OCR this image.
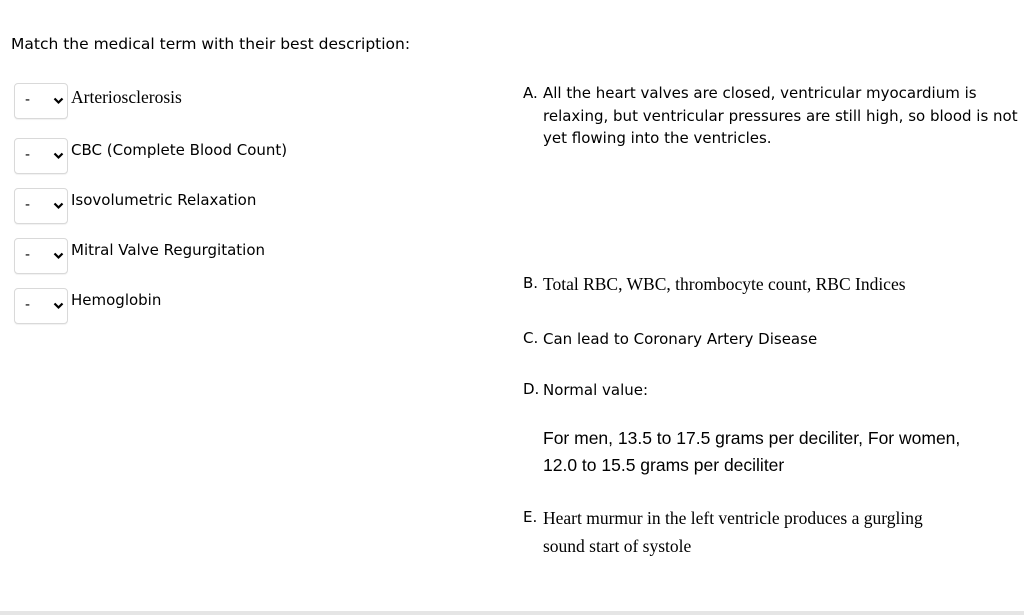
Match the medical term with their best description:
- Arteriosclerosis
-	CBC (Complete Blood Count)
-	Isovolumetric Relaxation
-	Mitral Valve Regurgitation
-	Hemoglobin
A. All the heart valves are closed, ventricular myocardium is
relaxing, but ventricular pressures are still high, so blood is not
yet flowing into the ventricles.
B. Total RBC, WBC, thrombocyte count, RBC Indices
C. Can lead to Coronary Artery Disease
D. Normal value:
For men, 13.5 to 17.5 grams per deciliter, For women,
12.0 to 15.5 grams per deciliter
E. Heart murmur in the left ventricle produces a gurgling
sound start of systole
